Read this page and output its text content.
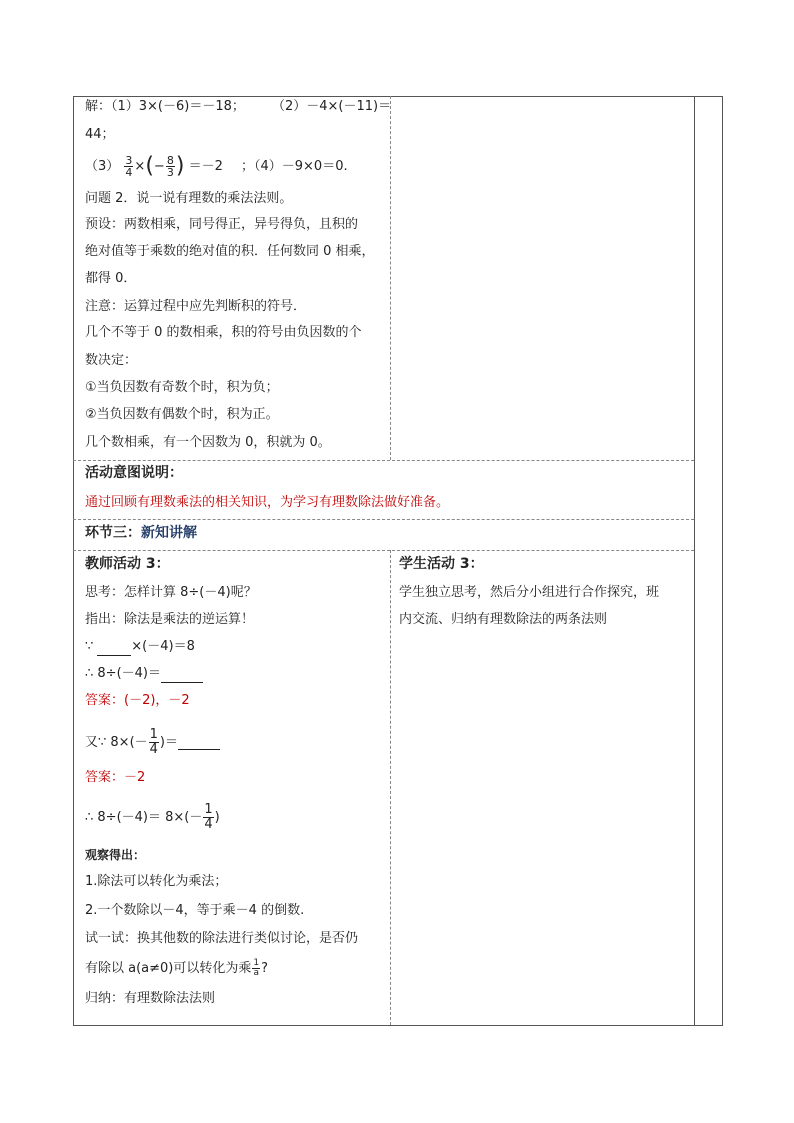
解：（1）3×(－6)＝－18； （2）－4×(－11)＝
44；
$(3) \frac{3}{4}$ ×(− $\frac{8}{3}$ ) ＝－2 ；（4）－9×0＝0.
问题 2．说一说有理数的乘法法则。
预设：两数相乘，同号得正，异号得负，且积的
绝对值等于乘数的绝对值的积．任何数同 0 相乘，
都得 0．
注意：运算过程中应先判断积的符号．
几个不等于 0 的数相乘，积的符号由负因数的个
数决定：
①当负因数有奇数个时，积为负；
②当负因数有偶数个时，积为正。
几个数相乘，有一个因数为 0，积就为 0。
活动意图说明：
通过回顾有理数乘法的相关知识，为学习有理数除法做好准备。
环节三：新知讲解
教师活动 3：
思考：怎样计算 8÷(－4)呢？
指出：除法是乘法的逆运算！
∵	×(－4)＝8
∴ 8÷(－4)＝
答案：(－2)，－2
又∵ $8\times(- \frac{1}{4}$ )＝
答案：－2
∴ $8\div(-4)= 8\times(- \frac{1}{4}$ )
观察得出：
1.除法可以转化为乘法；
2.一个数除以－4，等于乘－4 的倒数.
试一试：换其他数的除法进行类似讨论，是否仍
有除以 a(a≠0)可以转化为乘 $\frac{1}{a}$ ?
归纳：有理数除法法则
学生活动 3：
学生独立思考，然后分小组进行合作探究，班
内交流、归纳有理数除法的两条法则
